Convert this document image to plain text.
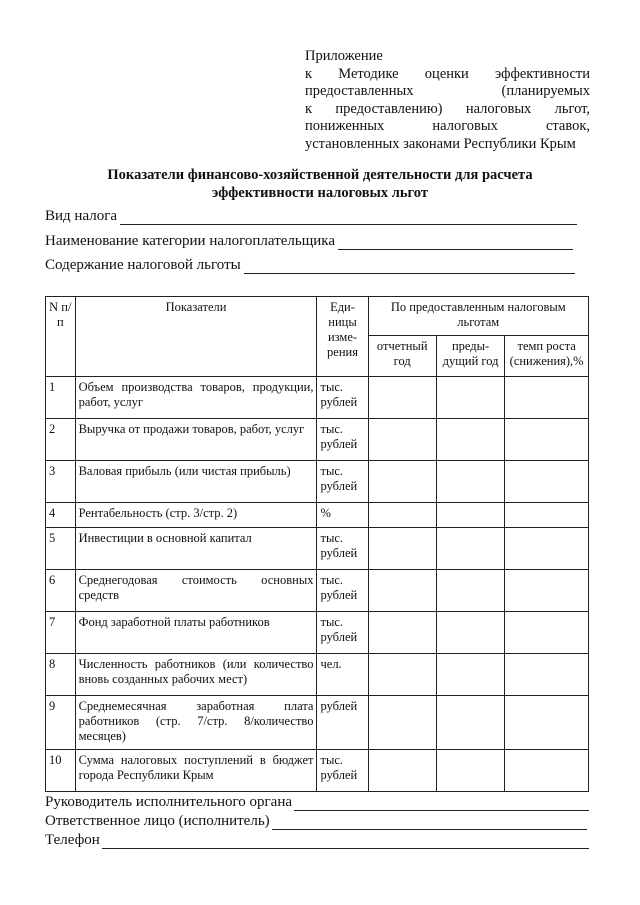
Приложение
к Методике оценки эффективности
предоставленных (планируемых
к предоставлению) налоговых льгот,
пониженных налоговых ставок,
установленных законами Республики Крым
Показатели финансово-хозяйственной деятельности для расчета
эффективности налоговых льгот
Вид налога
Наименование категории налогоплательщика
Содержание налоговой льготы
N п/п	Показатели	Еди-ницы изме-рения	По предоставленным налоговым льготам		
			отчетный год	преды-дущий год	темп роста (снижения),%
1	Объем производства товаров, продукции, работ, услуг	тыс. рублей			
2	Выручка от продажи товаров, работ, услуг	тыс. рублей			
3	Валовая прибыль (или чистая прибыль)	тыс. рублей			
4	Рентабельность (стр. 3/стр. 2)	%			
5	Инвестиции в основной капитал	тыс. рублей			
6	Среднегодовая стоимость основных средств	тыс. рублей			
7	Фонд заработной платы работников	тыс. рублей			
8	Численность работников (или количество вновь созданных рабочих мест)	чел.			
9	Среднемесячная заработная плата работников (стр. 7/стр. 8/количество месяцев)	рублей			
10	Сумма налоговых поступлений в бюджет города Республики Крым	тыс. рублей			
Руководитель исполнительного органа
Ответственное лицо (исполнитель)
Телефон
